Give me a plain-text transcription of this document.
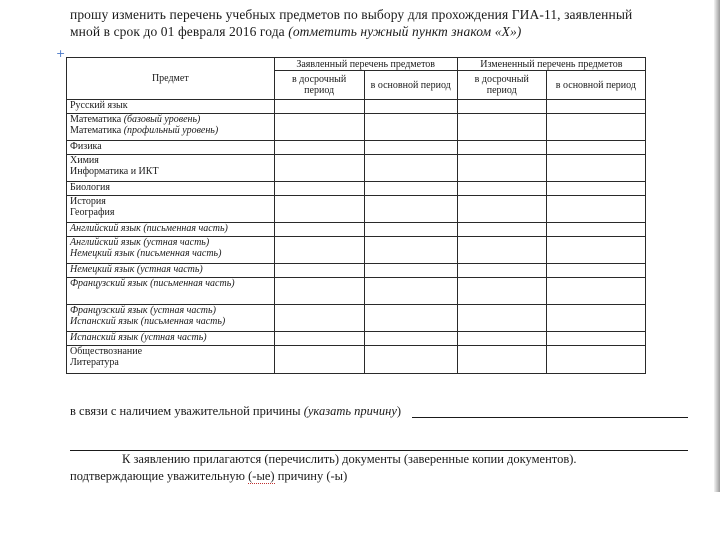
прошу изменить перечень учебных предметов по выбору для прохождения ГИА-11, заявленный
мной в срок до 01 февраля 2016 года (отметить нужный пункт знаком «Х»)
+
Предмет	Заявленный перечень предметов		Измененный перечень предметов	
	в досрочный период	в основной период	в досрочный период	в основной период

Русский язык				

Математика (базовый уровень)
Математика (профильный уровень)				

Физика				

Химия
Информатика и ИКТ				

Биология				

История
География				

Английский язык (письменная часть)				

Английский язык (устная часть)
Немецкий язык (письменная часть)				

Немецкий язык (устная часть)				

Французский язык (письменная часть)				

Французский язык (устная часть)
Испанский язык (письменная часть)				

Испанский язык (устная часть)				

Обществознание
Литература				

в связи с наличием уважительной причины (указать причину)
К заявлению прилагаются (перечислить) документы (заверенные копии документов).
подтверждающие уважительную (-ые) причину (-ы)
